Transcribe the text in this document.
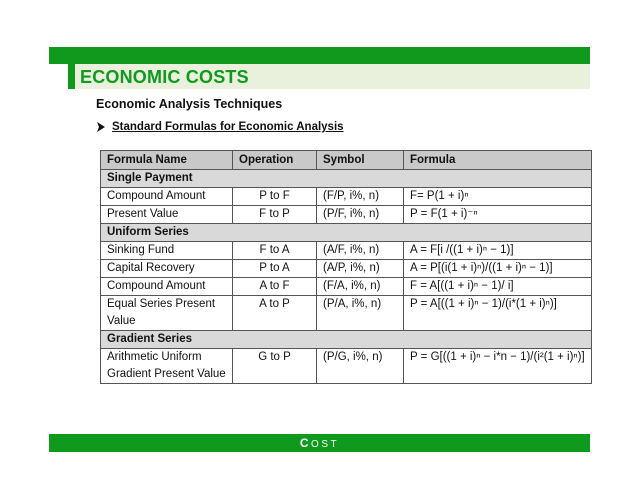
ECONOMIC COSTS
Economic Analysis Techniques
Standard Formulas for Economic Analysis
Formula Name	Operation	Symbol	Formula
Single Payment			
Compound Amount	P to F	(F/P, i%, n)	F= P(1 + i)ⁿ
Present Value	F to P	(P/F, i%, n)	P = F(1 + i)⁻ⁿ
Uniform Series			
Sinking Fund	F to A	(A/F, i%, n)	A = F[i /((1 + i)ⁿ − 1)]
Capital Recovery	P to A	(A/P, i%, n)	A = P[(i(1 + i)ⁿ)/((1 + i)ⁿ − 1)]
Compound Amount	A to F	(F/A, i%, n)	F = A[((1 + i)ⁿ − 1)/ i]
Equal Series Present
Value	A to P	(P/A, i%, n)	P = A[((1 + i)ⁿ − 1)/(i*(1 + i)ⁿ)]
Gradient Series			
Arithmetic Uniform
Gradient Present Value	G to P	(P/G, i%, n)	P = G[((1 + i)ⁿ − i*n − 1)/(i²(1 + i)ⁿ)]
COST
